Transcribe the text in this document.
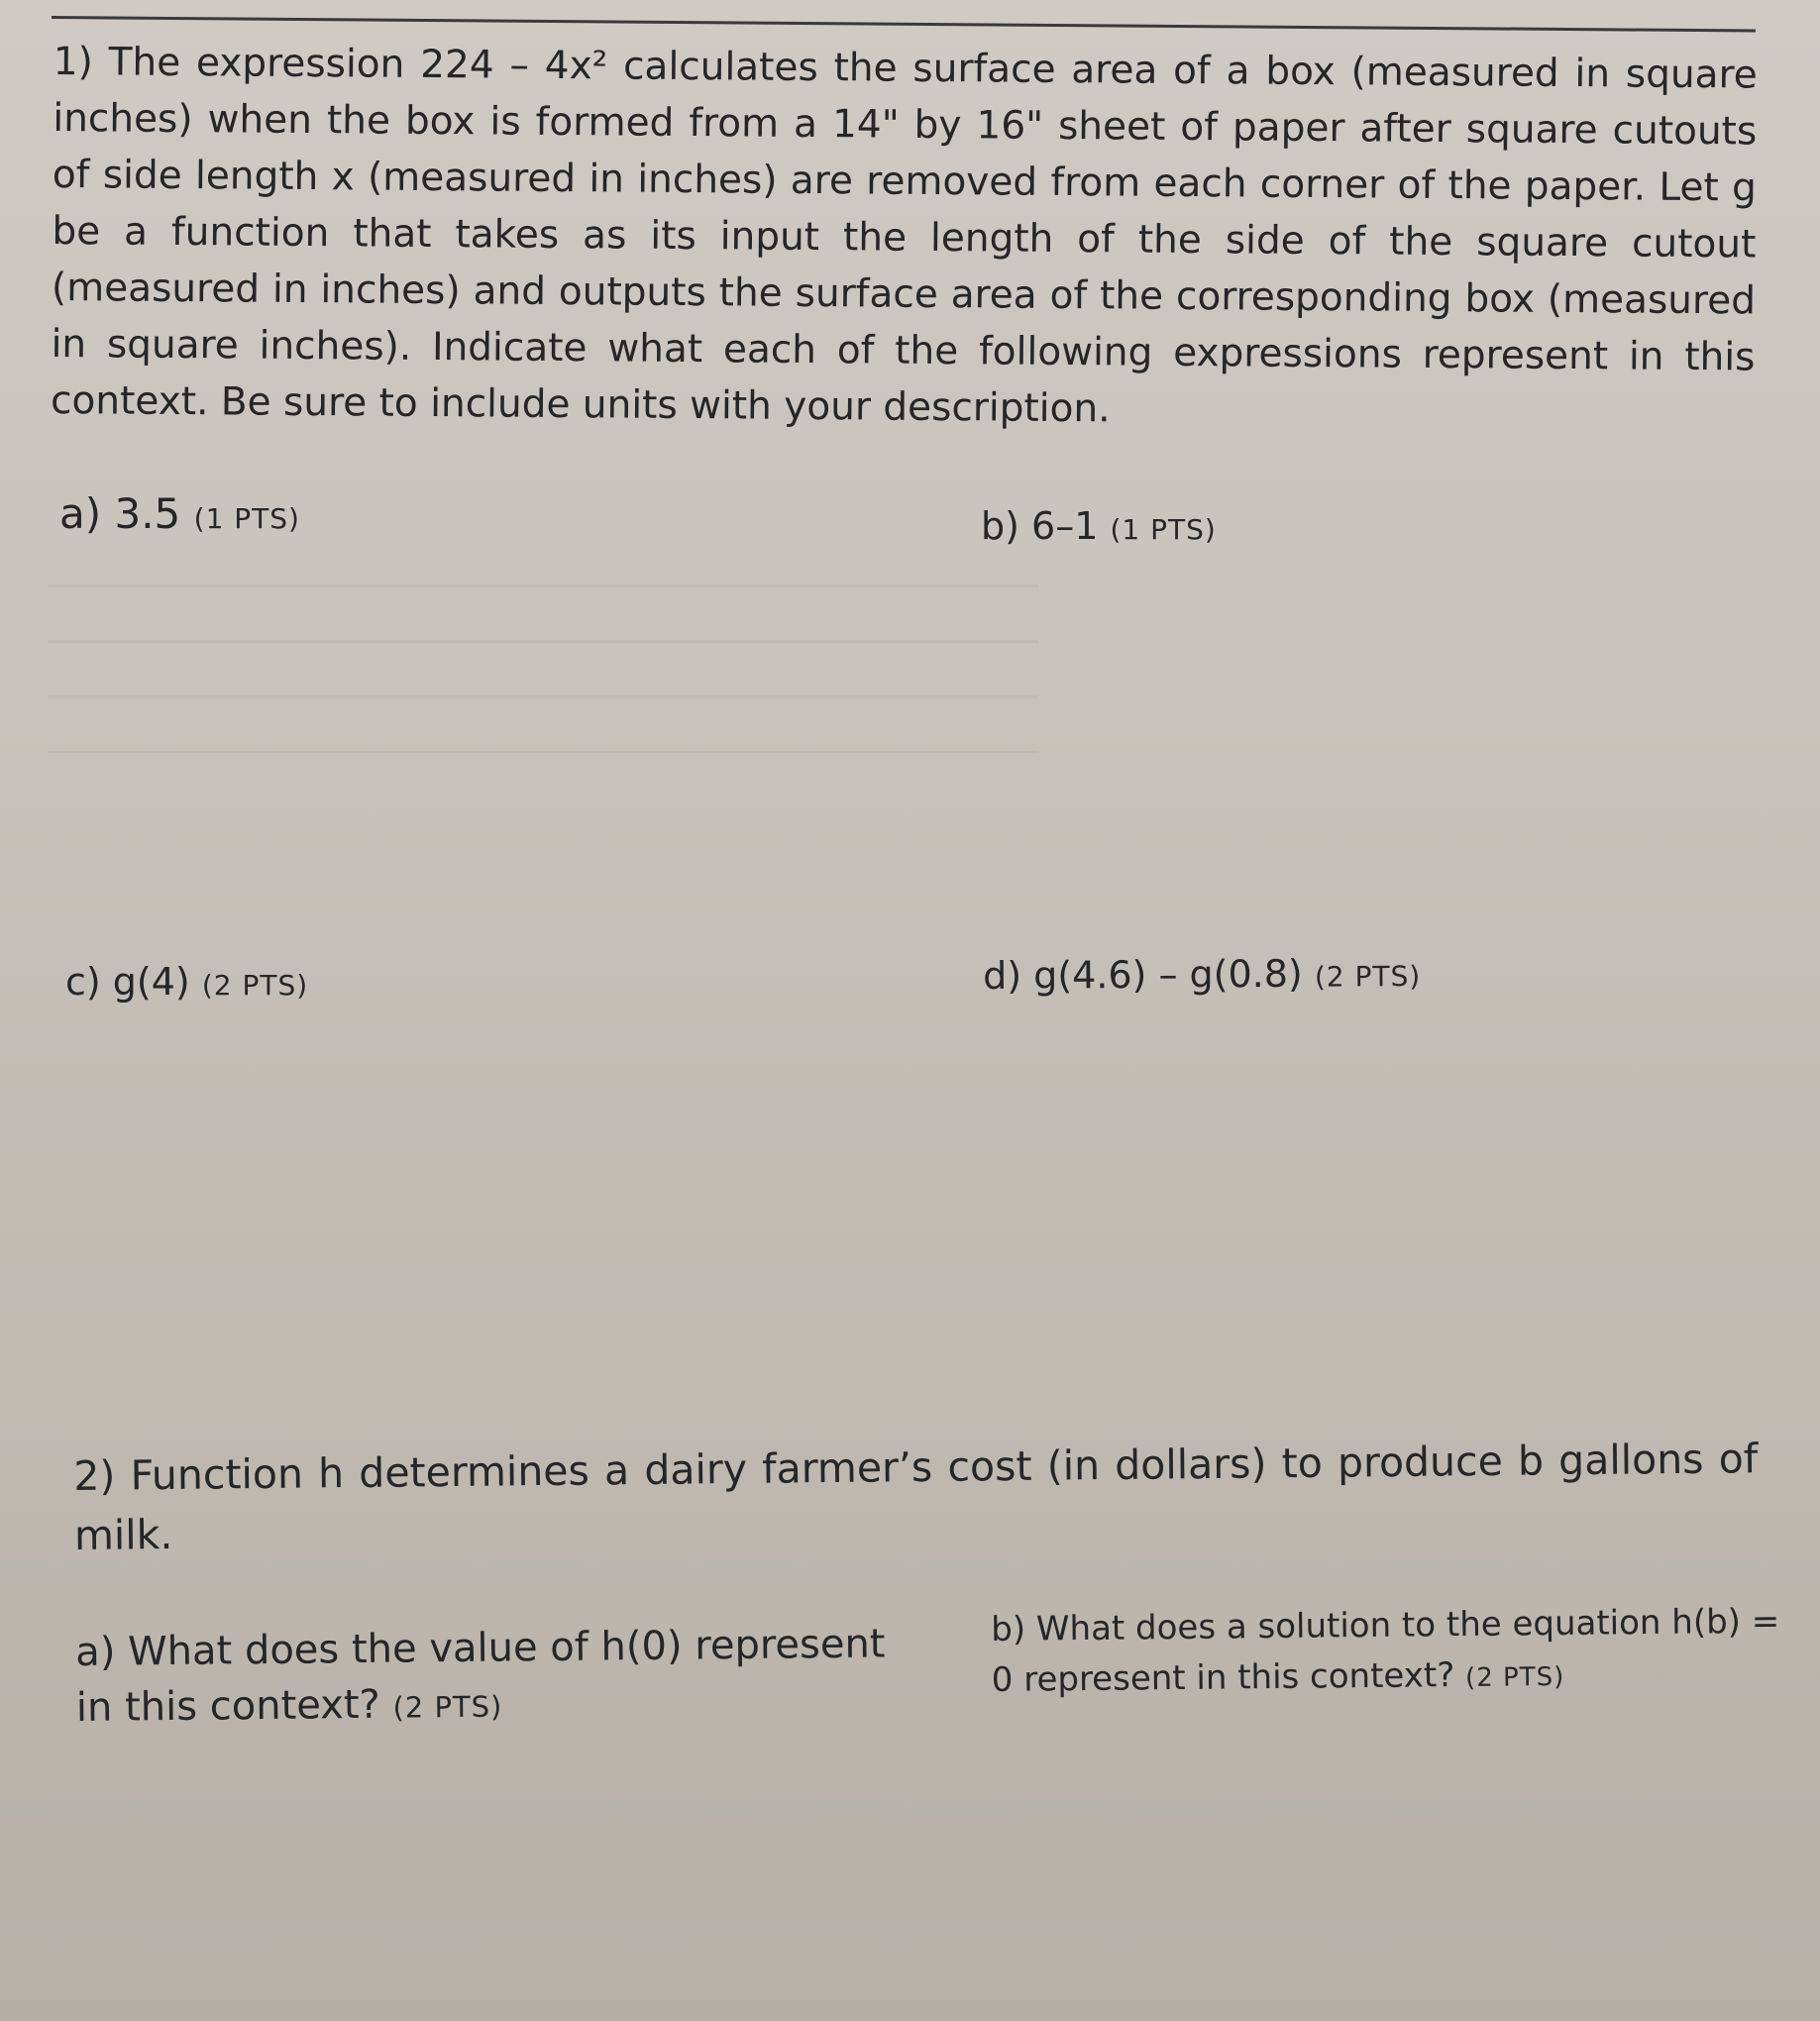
1) The expression 224 – 4x² calculates the surface area of a box (measured in square inches) when the box is formed from a 14" by 16" sheet of paper after square cutouts of side length x (measured in inches) are removed from each corner of the paper. Let g be a function that takes as its input the length of the side of the square cutout (measured in inches) and outputs the surface area of the corresponding box (measured in square inches). Indicate what each of the following expressions represent in this context. Be sure to include units with your description.
a) 3.5 (1 PTS)	b) 6–1 (1 PTS)
c) g(4) (2 PTS)	d) g(4.6) – g(0.8) (2 PTS)
2) Function h determines a dairy farmer’s cost (in dollars) to produce b gallons of milk.
a) What does the value of h(0) represent in this context? (2 PTS)
b) What does a solution to the equation h(b) = 0 represent in this context? (2 PTS)
